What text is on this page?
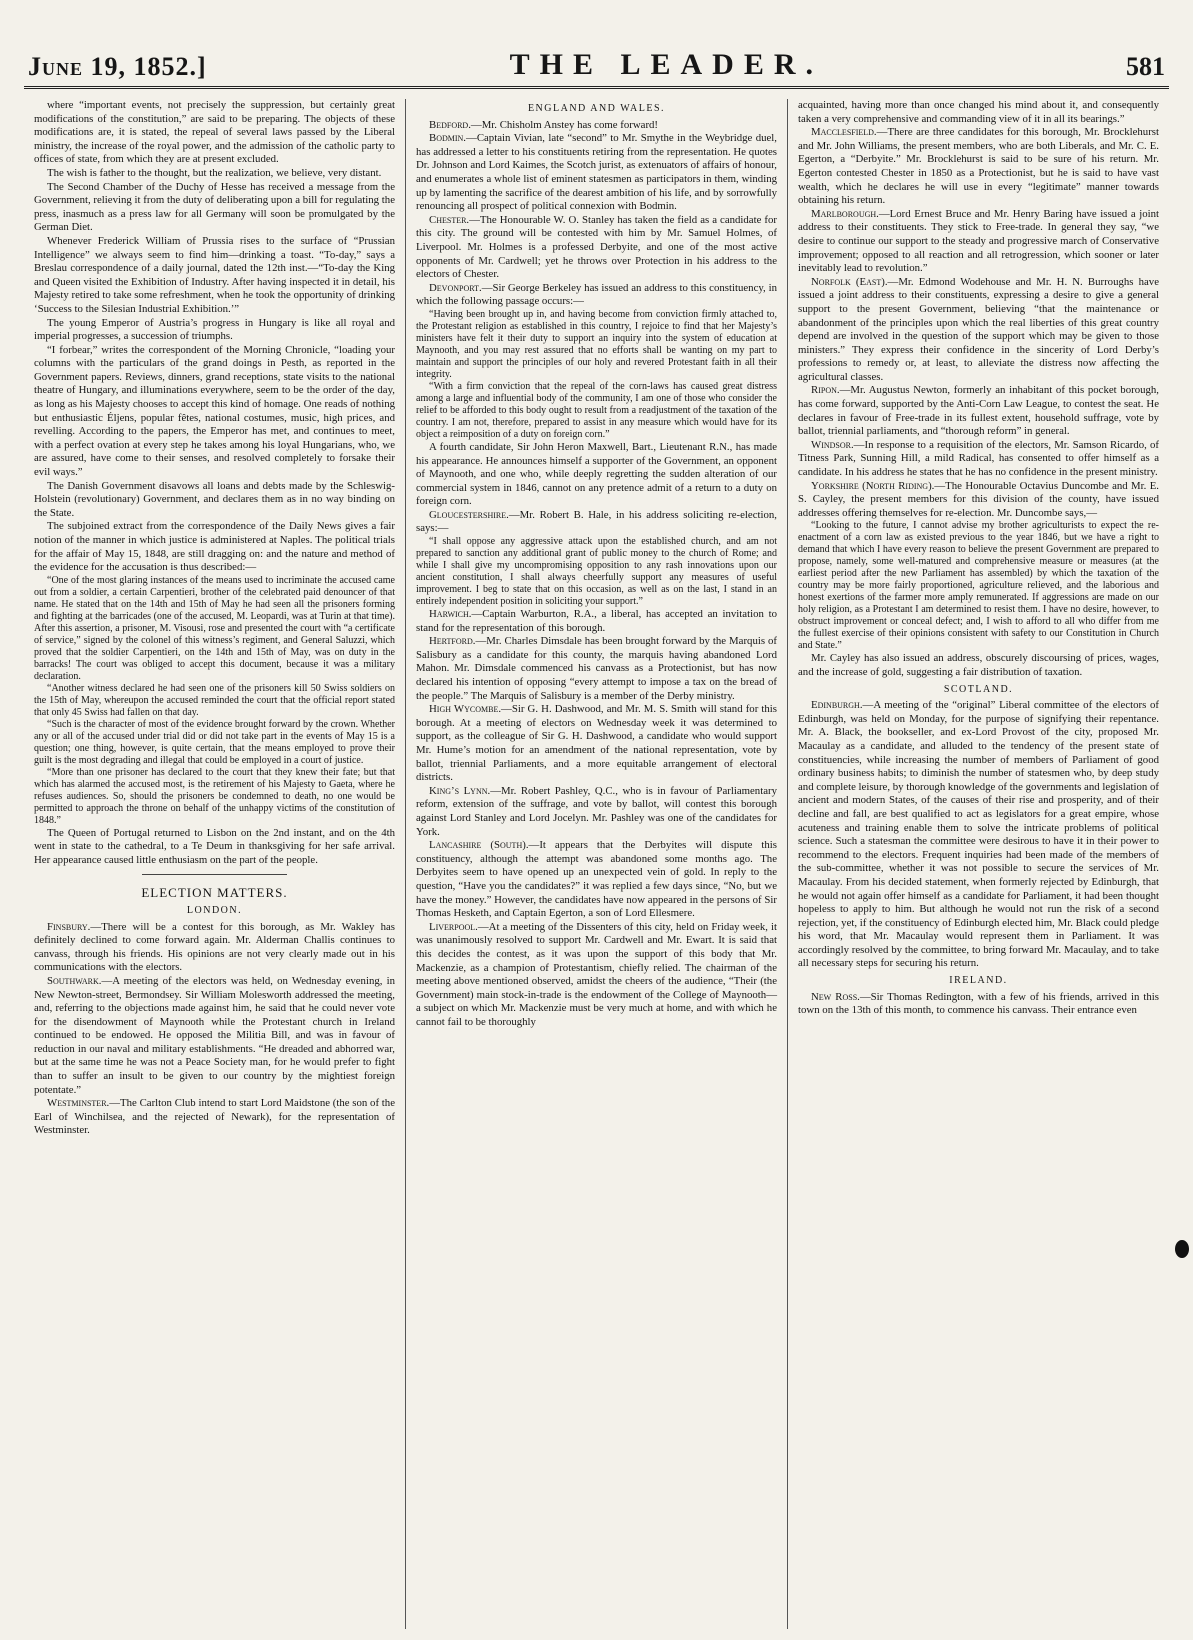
June 19, 1852.]	THE LEADER.	581

where “important events, not precisely the suppression, but certainly great modifications of the constitution,” are said to be preparing. The objects of these modifications are, it is stated, the repeal of several laws passed by the Liberal ministry, the increase of the royal power, and the admission of the catholic party to offices of state, from which they are at present excluded.

The wish is father to the thought, but the realization, we believe, very distant.

The Second Chamber of the Duchy of Hesse has received a message from the Government, relieving it from the duty of deliberating upon a bill for regulating the press, inasmuch as a press law for all Germany will soon be promulgated by the German Diet.

Whenever Frederick William of Prussia rises to the surface of “Prussian Intelligence” we always seem to find him—drinking a toast. “To-day,” says a Breslau correspondence of a daily journal, dated the 12th inst.—“To-day the King and Queen visited the Exhibition of Industry. After having inspected it in detail, his Majesty retired to take some refreshment, when he took the opportunity of drinking ‘Success to the Silesian Industrial Exhibition.’”

The young Emperor of Austria’s progress in Hungary is like all royal and imperial progresses, a succession of triumphs.

“I forbear,” writes the correspondent of the Morning Chronicle, “loading your columns with the particulars of the grand doings in Pesth, as reported in the Government papers. Reviews, dinners, grand receptions, state visits to the national theatre of Hungary, and illuminations everywhere, seem to be the order of the day, as long as his Majesty chooses to accept this kind of homage. One reads of nothing but enthusiastic Éljens, popular fêtes, national costumes, music, high prices, and revelling. According to the papers, the Emperor has met, and continues to meet, with a perfect ovation at every step he takes among his loyal Hungarians, who, we are assured, have come to their senses, and resolved completely to forsake their evil ways.”

The Danish Government disavows all loans and debts made by the Schleswig-Holstein (revolutionary) Government, and declares them as in no way binding on the State.

The subjoined extract from the correspondence of the Daily News gives a fair notion of the manner in which justice is administered at Naples. The political trials for the affair of May 15, 1848, are still dragging on: and the nature and method of the evidence for the accusation is thus described:—

“One of the most glaring instances of the means used to incriminate the accused came out from a soldier, a certain Carpentieri, brother of the celebrated paid denouncer of that name. He stated that on the 14th and 15th of May he had seen all the prisoners forming and fighting at the barricades (one of the accused, M. Leopardi, was at Turin at that time). After this assertion, a prisoner, M. Visousi, rose and presented the court with “a certificate of service,” signed by the colonel of this witness’s regiment, and General Saluzzi, which proved that the soldier Carpentieri, on the 14th and 15th of May, was on duty in the barracks! The court was obliged to accept this document, because it was a military declaration.

“Another witness declared he had seen one of the prisoners kill 50 Swiss soldiers on the 15th of May, whereupon the accused reminded the court that the official report stated that only 45 Swiss had fallen on that day.

“Such is the character of most of the evidence brought forward by the crown. Whether any or all of the accused under trial did or did not take part in the events of May 15 is a question; one thing, however, is quite certain, that the means employed to prove their guilt is the most degrading and illegal that could be employed in a court of justice.

“More than one prisoner has declared to the court that they knew their fate; but that which has alarmed the accused most, is the retirement of his Majesty to Gaeta, where he refuses audiences. So, should the prisoners be condemned to death, no one would be permitted to approach the throne on behalf of the unhappy victims of the constitution of 1848.”

The Queen of Portugal returned to Lisbon on the 2nd instant, and on the 4th went in state to the cathedral, to a Te Deum in thanksgiving for her safe arrival. Her appearance caused little enthusiasm on the part of the people.

ELECTION MATTERS.
LONDON.

Finsbury.—There will be a contest for this borough, as Mr. Wakley has definitely declined to come forward again. Mr. Alderman Challis continues to canvass, through his friends. His opinions are not very clearly made out in his communications with the electors.

Southwark.—A meeting of the electors was held, on Wednesday evening, in New Newton-street, Bermondsey. Sir William Molesworth addressed the meeting, and, referring to the objections made against him, he said that he could never vote for the disendowment of Maynooth while the Protestant church in Ireland continued to be endowed. He opposed the Militia Bill, and was in favour of reduction in our naval and military establishments. “He dreaded and abhorred war, but at the same time he was not a Peace Society man, for he would prefer to fight than to suffer an insult to be given to our country by the mightiest foreign potentate.”

Westminster.—The Carlton Club intend to start Lord Maidstone (the son of the Earl of Winchilsea, and the rejected of Newark), for the representation of Westminster.

ENGLAND AND WALES.

Bedford.—Mr. Chisholm Anstey has come forward!

Bodmin.—Captain Vivian, late “second” to Mr. Smythe in the Weybridge duel, has addressed a letter to his constituents retiring from the representation. He quotes Dr. Johnson and Lord Kaimes, the Scotch jurist, as extenuators of affairs of honour, and enumerates a whole list of eminent statesmen as participators in them, winding up by lamenting the sacrifice of the dearest ambition of his life, and by sorrowfully renouncing all prospect of political connexion with Bodmin.

Chester.—The Honourable W. O. Stanley has taken the field as a candidate for this city. The ground will be contested with him by Mr. Samuel Holmes, of Liverpool. Mr. Holmes is a professed Derbyite, and one of the most active opponents of Mr. Cardwell; yet he throws over Protection in his address to the electors of Chester.

Devonport.—Sir George Berkeley has issued an address to this constituency, in which the following passage occurs:—

“Having been brought up in, and having become from conviction firmly attached to, the Protestant religion as established in this country, I rejoice to find that her Majesty’s ministers have felt it their duty to support an inquiry into the system of education at Maynooth, and you may rest assured that no efforts shall be wanting on my part to maintain and support the principles of our holy and revered Protestant faith in all their integrity.

“With a firm conviction that the repeal of the corn-laws has caused great distress among a large and influential body of the community, I am one of those who consider the relief to be afforded to this body ought to result from a readjustment of the taxation of the country. I am not, therefore, prepared to assist in any measure which would have for its object a reimposition of a duty on foreign corn.”

A fourth candidate, Sir John Heron Maxwell, Bart., Lieutenant R.N., has made his appearance. He announces himself a supporter of the Government, an opponent of Maynooth, and one who, while deeply regretting the sudden alteration of our commercial system in 1846, cannot on any pretence admit of a return to a duty on foreign corn.

Gloucestershire.—Mr. Robert B. Hale, in his address soliciting re-election, says:—

“I shall oppose any aggressive attack upon the established church, and am not prepared to sanction any additional grant of public money to the church of Rome; and while I shall give my uncompromising opposition to any rash innovations upon our ancient constitution, I shall always cheerfully support any measures of useful improvement. I beg to state that on this occasion, as well as on the last, I stand in an entirely independent position in soliciting your support.”

Harwich.—Captain Warburton, R.A., a liberal, has accepted an invitation to stand for the representation of this borough.

Hertford.—Mr. Charles Dimsdale has been brought forward by the Marquis of Salisbury as a candidate for this county, the marquis having abandoned Lord Mahon. Mr. Dimsdale commenced his canvass as a Protectionist, but has now declared his intention of opposing “every attempt to impose a tax on the bread of the people.” The Marquis of Salisbury is a member of the Derby ministry.

High Wycombe.—Sir G. H. Dashwood, and Mr. M. S. Smith will stand for this borough. At a meeting of electors on Wednesday week it was determined to support, as the colleague of Sir G. H. Dashwood, a candidate who would support Mr. Hume’s motion for an amendment of the national representation, vote by ballot, triennial Parliaments, and a more equitable arrangement of electoral districts.

King’s Lynn.—Mr. Robert Pashley, Q.C., who is in favour of Parliamentary reform, extension of the suffrage, and vote by ballot, will contest this borough against Lord Stanley and Lord Jocelyn. Mr. Pashley was one of the candidates for York.

Lancashire (South).—It appears that the Derbyites will dispute this constituency, although the attempt was abandoned some months ago. The Derbyites seem to have opened up an unexpected vein of gold. In reply to the question, “Have you the candidates?” it was replied a few days since, “No, but we have the money.” However, the candidates have now appeared in the persons of Sir Thomas Hesketh, and Captain Egerton, a son of Lord Ellesmere.

Liverpool.—At a meeting of the Dissenters of this city, held on Friday week, it was unanimously resolved to support Mr. Cardwell and Mr. Ewart. It is said that this decides the contest, as it was upon the support of this body that Mr. Mackenzie, as a champion of Protestantism, chiefly relied. The chairman of the meeting above mentioned observed, amidst the cheers of the audience, “Their (the Government) main stock-in-trade is the endowment of the College of Maynooth—a subject on which Mr. Mackenzie must be very much at home, and with which he cannot fail to be thoroughly

acquainted, having more than once changed his mind about it, and consequently taken a very comprehensive and commanding view of it in all its bearings.”

Macclesfield.—There are three candidates for this borough, Mr. Brocklehurst and Mr. John Williams, the present members, who are both Liberals, and Mr. C. E. Egerton, a “Derbyite.” Mr. Brocklehurst is said to be sure of his return. Mr. Egerton contested Chester in 1850 as a Protectionist, but he is said to have vast wealth, which he declares he will use in every “legitimate” manner towards obtaining his return.

Marlborough.—Lord Ernest Bruce and Mr. Henry Baring have issued a joint address to their constituents. They stick to Free-trade. In general they say, “we desire to continue our support to the steady and progressive march of Conservative improvement; opposed to all reaction and all retrogression, which sooner or later inevitably lead to revolution.”

Norfolk (East).—Mr. Edmond Wodehouse and Mr. H. N. Burroughs have issued a joint address to their constituents, expressing a desire to give a general support to the present Government, believing “that the maintenance or abandonment of the principles upon which the real liberties of this great country depend are involved in the question of the support which may be given to those ministers.” They express their confidence in the sincerity of Lord Derby’s professions to remedy or, at least, to alleviate the distress now affecting the agricultural classes.

Ripon.—Mr. Augustus Newton, formerly an inhabitant of this pocket borough, has come forward, supported by the Anti-Corn Law League, to contest the seat. He declares in favour of Free-trade in its fullest extent, household suffrage, vote by ballot, triennial parliaments, and “thorough reform” in general.

Windsor.—In response to a requisition of the electors, Mr. Samson Ricardo, of Titness Park, Sunning Hill, a mild Radical, has consented to offer himself as a candidate. In his address he states that he has no confidence in the present ministry.

Yorkshire (North Riding).—The Honourable Octavius Duncombe and Mr. E. S. Cayley, the present members for this division of the county, have issued addresses offering themselves for re-election. Mr. Duncombe says,—

“Looking to the future, I cannot advise my brother agriculturists to expect the re-enactment of a corn law as existed previous to the year 1846, but we have a right to demand that which I have every reason to believe the present Government are prepared to propose, namely, some well-matured and comprehensive measure or measures (at the earliest period after the new Parliament has assembled) by which the taxation of the country may be more fairly proportioned, agriculture relieved, and the laborious and honest exertions of the farmer more amply remunerated. If aggressions are made on our holy religion, as a Protestant I am determined to resist them. I have no desire, however, to obstruct improvement or conceal defect; and, I wish to afford to all who differ from me the fullest exercise of their opinions consistent with safety to our Constitution in Church and State.”

Mr. Cayley has also issued an address, obscurely discoursing of prices, wages, and the increase of gold, suggesting a fair distribution of taxation.

SCOTLAND.

Edinburgh.—A meeting of the “original” Liberal committee of the electors of Edinburgh, was held on Monday, for the purpose of signifying their repentance. Mr. A. Black, the bookseller, and ex-Lord Provost of the city, proposed Mr. Macaulay as a candidate, and alluded to the tendency of the present state of constituencies, while increasing the number of members of Parliament of good ordinary business habits; to diminish the number of statesmen who, by deep study and complete leisure, by thorough knowledge of the governments and legislation of ancient and modern States, of the causes of their rise and prosperity, and of their decline and fall, are best qualified to act as legislators for a great empire, whose acuteness and training enable them to solve the intricate problems of political science. Such a statesman the committee were desirous to have it in their power to recommend to the electors. Frequent inquiries had been made of the members of the sub-committee, whether it was not possible to secure the services of Mr. Macaulay. From his decided statement, when formerly rejected by Edinburgh, that he would not again offer himself as a candidate for Parliament, it had been thought hopeless to apply to him. But although he would not run the risk of a second rejection, yet, if the constituency of Edinburgh elected him, Mr. Black could pledge his word, that Mr. Macaulay would represent them in Parliament. It was accordingly resolved by the committee, to bring forward Mr. Macaulay, and to take all necessary steps for securing his return.

IRELAND.

New Ross.—Sir Thomas Redington, with a few of his friends, arrived in this town on the 13th of this month, to commence his canvass. Their entrance even
